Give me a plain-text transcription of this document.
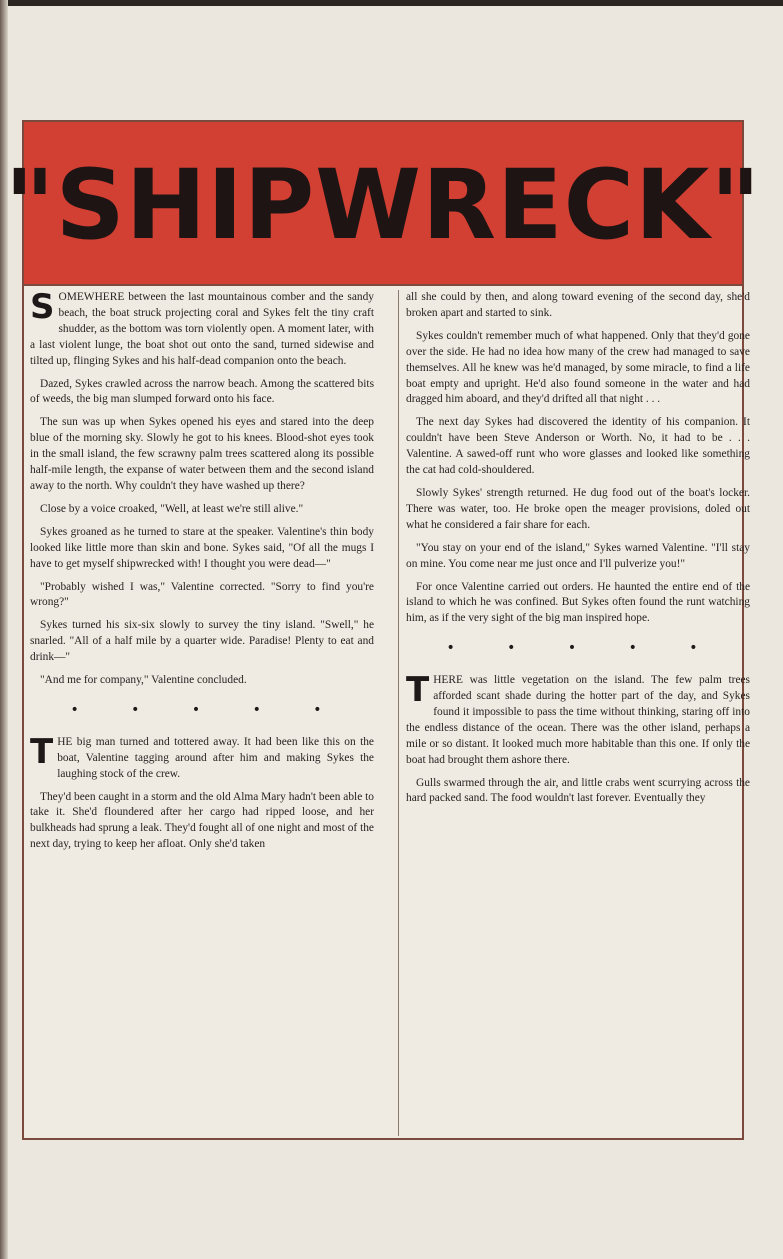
"SHIPWRECK"

SOMEWHERE between the last mountainous comber and the sandy beach, the boat struck projecting coral and Sykes felt the tiny craft shudder, as the bottom was torn violently open. A moment later, with a last violent lunge, the boat shot out onto the sand, turned sidewise and tilted up, flinging Sykes and his half-dead companion onto the beach.

Dazed, Sykes crawled across the narrow beach. Among the scattered bits of weeds, the big man slumped forward onto his face.

The sun was up when Sykes opened his eyes and stared into the deep blue of the morning sky. Slowly he got to his knees. Blood-shot eyes took in the small island, the few scrawny palm trees scattered along its possible half-mile length, the expanse of water between them and the second island away to the north. Why couldn't they have washed up there?

Close by a voice croaked, "Well, at least we're still alive."

Sykes groaned as he turned to stare at the speaker. Valentine's thin body looked like little more than skin and bone. Sykes said, "Of all the mugs I have to get myself shipwrecked with! I thought you were dead—"

"Probably wished I was," Valentine corrected. "Sorry to find you're wrong?"

Sykes turned his six-six slowly to survey the tiny island. "Swell," he snarled. "All of a half mile by a quarter wide. Paradise! Plenty to eat and drink—"

"And me for company," Valentine concluded.

• • • • •

THE big man turned and tottered away. It had been like this on the boat, Valentine tagging around after him and making Sykes the laughing stock of the crew.

They'd been caught in a storm and the old Alma Mary hadn't been able to take it. She'd floundered after her cargo had ripped loose, and her bulkheads had sprung a leak. They'd fought all of one night and most of the next day, trying to keep her afloat. Only she'd taken

all she could by then, and along toward evening of the second day, she'd broken apart and started to sink.

Sykes couldn't remember much of what happened. Only that they'd gone over the side. He had no idea how many of the crew had managed to save themselves. All he knew was he'd managed, by some miracle, to find a life boat empty and upright. He'd also found someone in the water and had dragged him aboard, and they'd drifted all that night . . .

The next day Sykes had discovered the identity of his companion. It couldn't have been Steve Anderson or Worth. No, it had to be . . . Valentine. A sawed-off runt who wore glasses and looked like something the cat had cold-shouldered.

Slowly Sykes' strength returned. He dug food out of the boat's locker. There was water, too. He broke open the meager provisions, doled out what he considered a fair share for each.

"You stay on your end of the island," Sykes warned Valentine. "I'll stay on mine. You come near me just once and I'll pulverize you!"

For once Valentine carried out orders. He haunted the entire end of the island to which he was confined. But Sykes often found the runt watching him, as if the very sight of the big man inspired hope.

• • • • •

THERE was little vegetation on the island. The few palm trees afforded scant shade during the hotter part of the day, and Sykes found it impossible to pass the time without thinking, staring off into the endless distance of the ocean. There was the other island, perhaps a mile or so distant. It looked much more habitable than this one. If only the boat had brought them ashore there.

Gulls swarmed through the air, and little crabs went scurrying across the hard packed sand. The food wouldn't last forever. Eventually they
